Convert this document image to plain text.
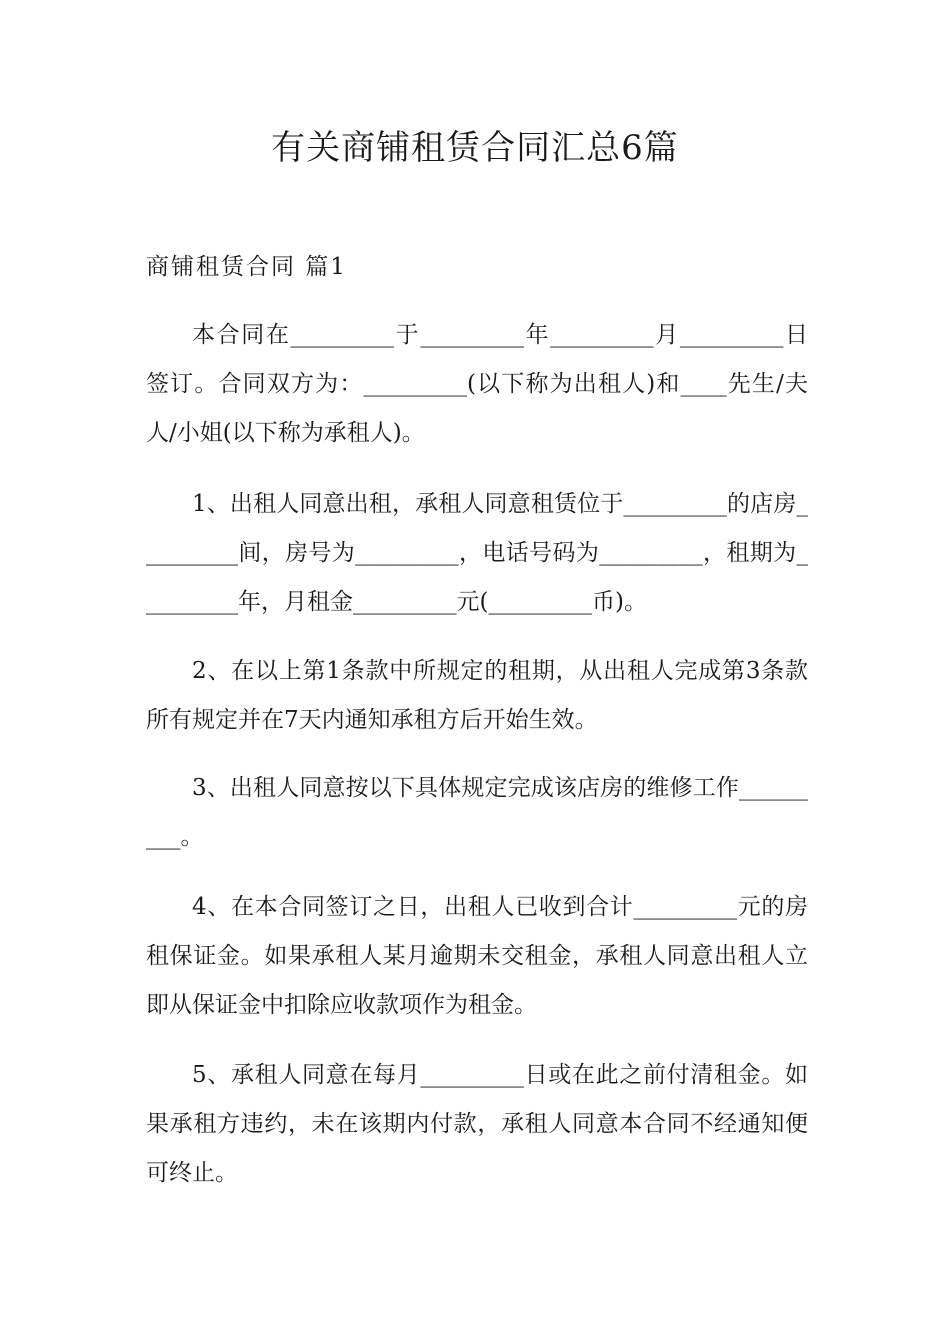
有关商铺租赁合同汇总6篇
商铺租赁合同 篇1

本合同在_________于_________年_________月_________日签订。合同双方为：_________(以下称为出租人)和____先生/夫人/小姐(以下称为承租人)。

1、出租人同意出租，承租人同意租赁位于_________的店房_________间，房号为_________，电话号码为_________，租期为_________年，月租金_________元(_________币)。

2、在以上第1条款中所规定的租期，从出租人完成第3条款所有规定并在7天内通知承租方后开始生效。

3、出租人同意按以下具体规定完成该店房的维修工作_________。

4、在本合同签订之日，出租人已收到合计_________元的房租保证金。如果承租人某月逾期未交租金，承租人同意出租人立即从保证金中扣除应收款项作为租金。

5、承租人同意在每月_________日或在此之前付清租金。如果承租方违约，未在该期内付款，承租人同意本合同不经通知便可终止。
